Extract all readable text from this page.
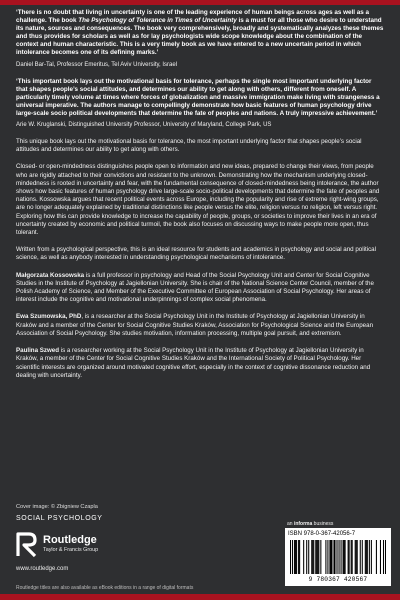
‘There is no doubt that living in uncertainty is one of the leading experience of human beings across ages as well as a challenge. The book The Psychology of Tolerance in Times of Uncertainty is a must for all those who desire to understand its nature, sources and consequences. The book very comprehensively, broadly and systematically analyzes these themes and thus provides for scholars as well as for lay psychologists wide scope knowledge about the combination of the context and human characteristic. This is a very timely book as we have entered to a new uncertain period in which intolerance becomes one of its defining marks.’

Daniel Bar-Tal, Professor Emeritus, Tel Aviv University, Israel

‘This important book lays out the motivational basis for tolerance, perhaps the single most important underlying factor that shapes people’s social attitudes, and determines our ability to get along with others, different from oneself. A particularly timely volume at times where forces of globalization and massive immigration make living with strangeness a universal imperative. The authors manage to compellingly demonstrate how basic features of human psychology drive large-scale socio political developments that determine the fate of peoples and nations. A truly impressive achievement.’

Arie W. Kruglanski, Distinguished University Professor, University of Maryland, College Park, US

This unique book lays out the motivational basis for tolerance, the most important underlying factor that shapes people’s social attitudes and determines our ability to get along with others.

Closed- or open-mindedness distinguishes people open to information and new ideas, prepared to change their views, from people who are rigidly attached to their convictions and resistant to the unknown. Demonstrating how the mechanism underlying closed-mindedness is rooted in uncertainty and fear, with the fundamental consequence of closed-mindedness being intolerance, the author shows how basic features of human psychology drive large-scale socio-political developments that determine the fate of peoples and nations. Kossowska argues that recent political events across Europe, including the popularity and rise of extreme right-wing groups, are no longer adequately explained by traditional distinctions like people versus the elite, religion versus no religion, left versus right. Exploring how this can provide knowledge to increase the capability of people, groups, or societies to improve their lives in an era of uncertainty created by economic and political turmoil, the book also focuses on discussing ways to make people more open, thus tolerant.

Written from a psychological perspective, this is an ideal resource for students and academics in psychology and social and political science, as well as anybody interested in understanding psychological mechanisms of intolerance.

Małgorzata Kossowska is a full professor in psychology and Head of the Social Psychology Unit and Center for Social Cognitive Studies in the Institute of Psychology at Jagiellonian University. She is chair of the National Science Center Council, member of the Polish Academy of Science, and Member of the Executive Committee of European Association of Social Psychology. Her areas of interest include the cognitive and motivational underpinnings of complex social phenomena.

Ewa Szumowska, PhD, is a researcher at the Social Psychology Unit in the Institute of Psychology at Jagiellonian University in Kraków and a member of the Center for Social Cognitive Studies Kraków, Association for Psychological Science and the European Association of Social Psychology. She studies motivation, information processing, multiple goal pursuit, and extremism.

Paulina Szwed is a researcher working at the Social Psychology Unit in the Institute of Psychology at Jagiellonian University in Kraków, a member of the Center for Social Cognitive Studies Kraków and the International Society of Political Psychology. Her scientific interests are organized around motivated cognitive effort, especially in the context of cognitive dissonance reduction and dealing with uncertainty.

Cover image: © Zbigniew Czapla
SOCIAL PSYCHOLOGY
Routledge
Taylor & Francis Group
www.routledge.com
Routledge titles are also available as eBook editions in a range of digital formats
an informa business
ISBN 978-0-367-42056-7
9 780367 420567
